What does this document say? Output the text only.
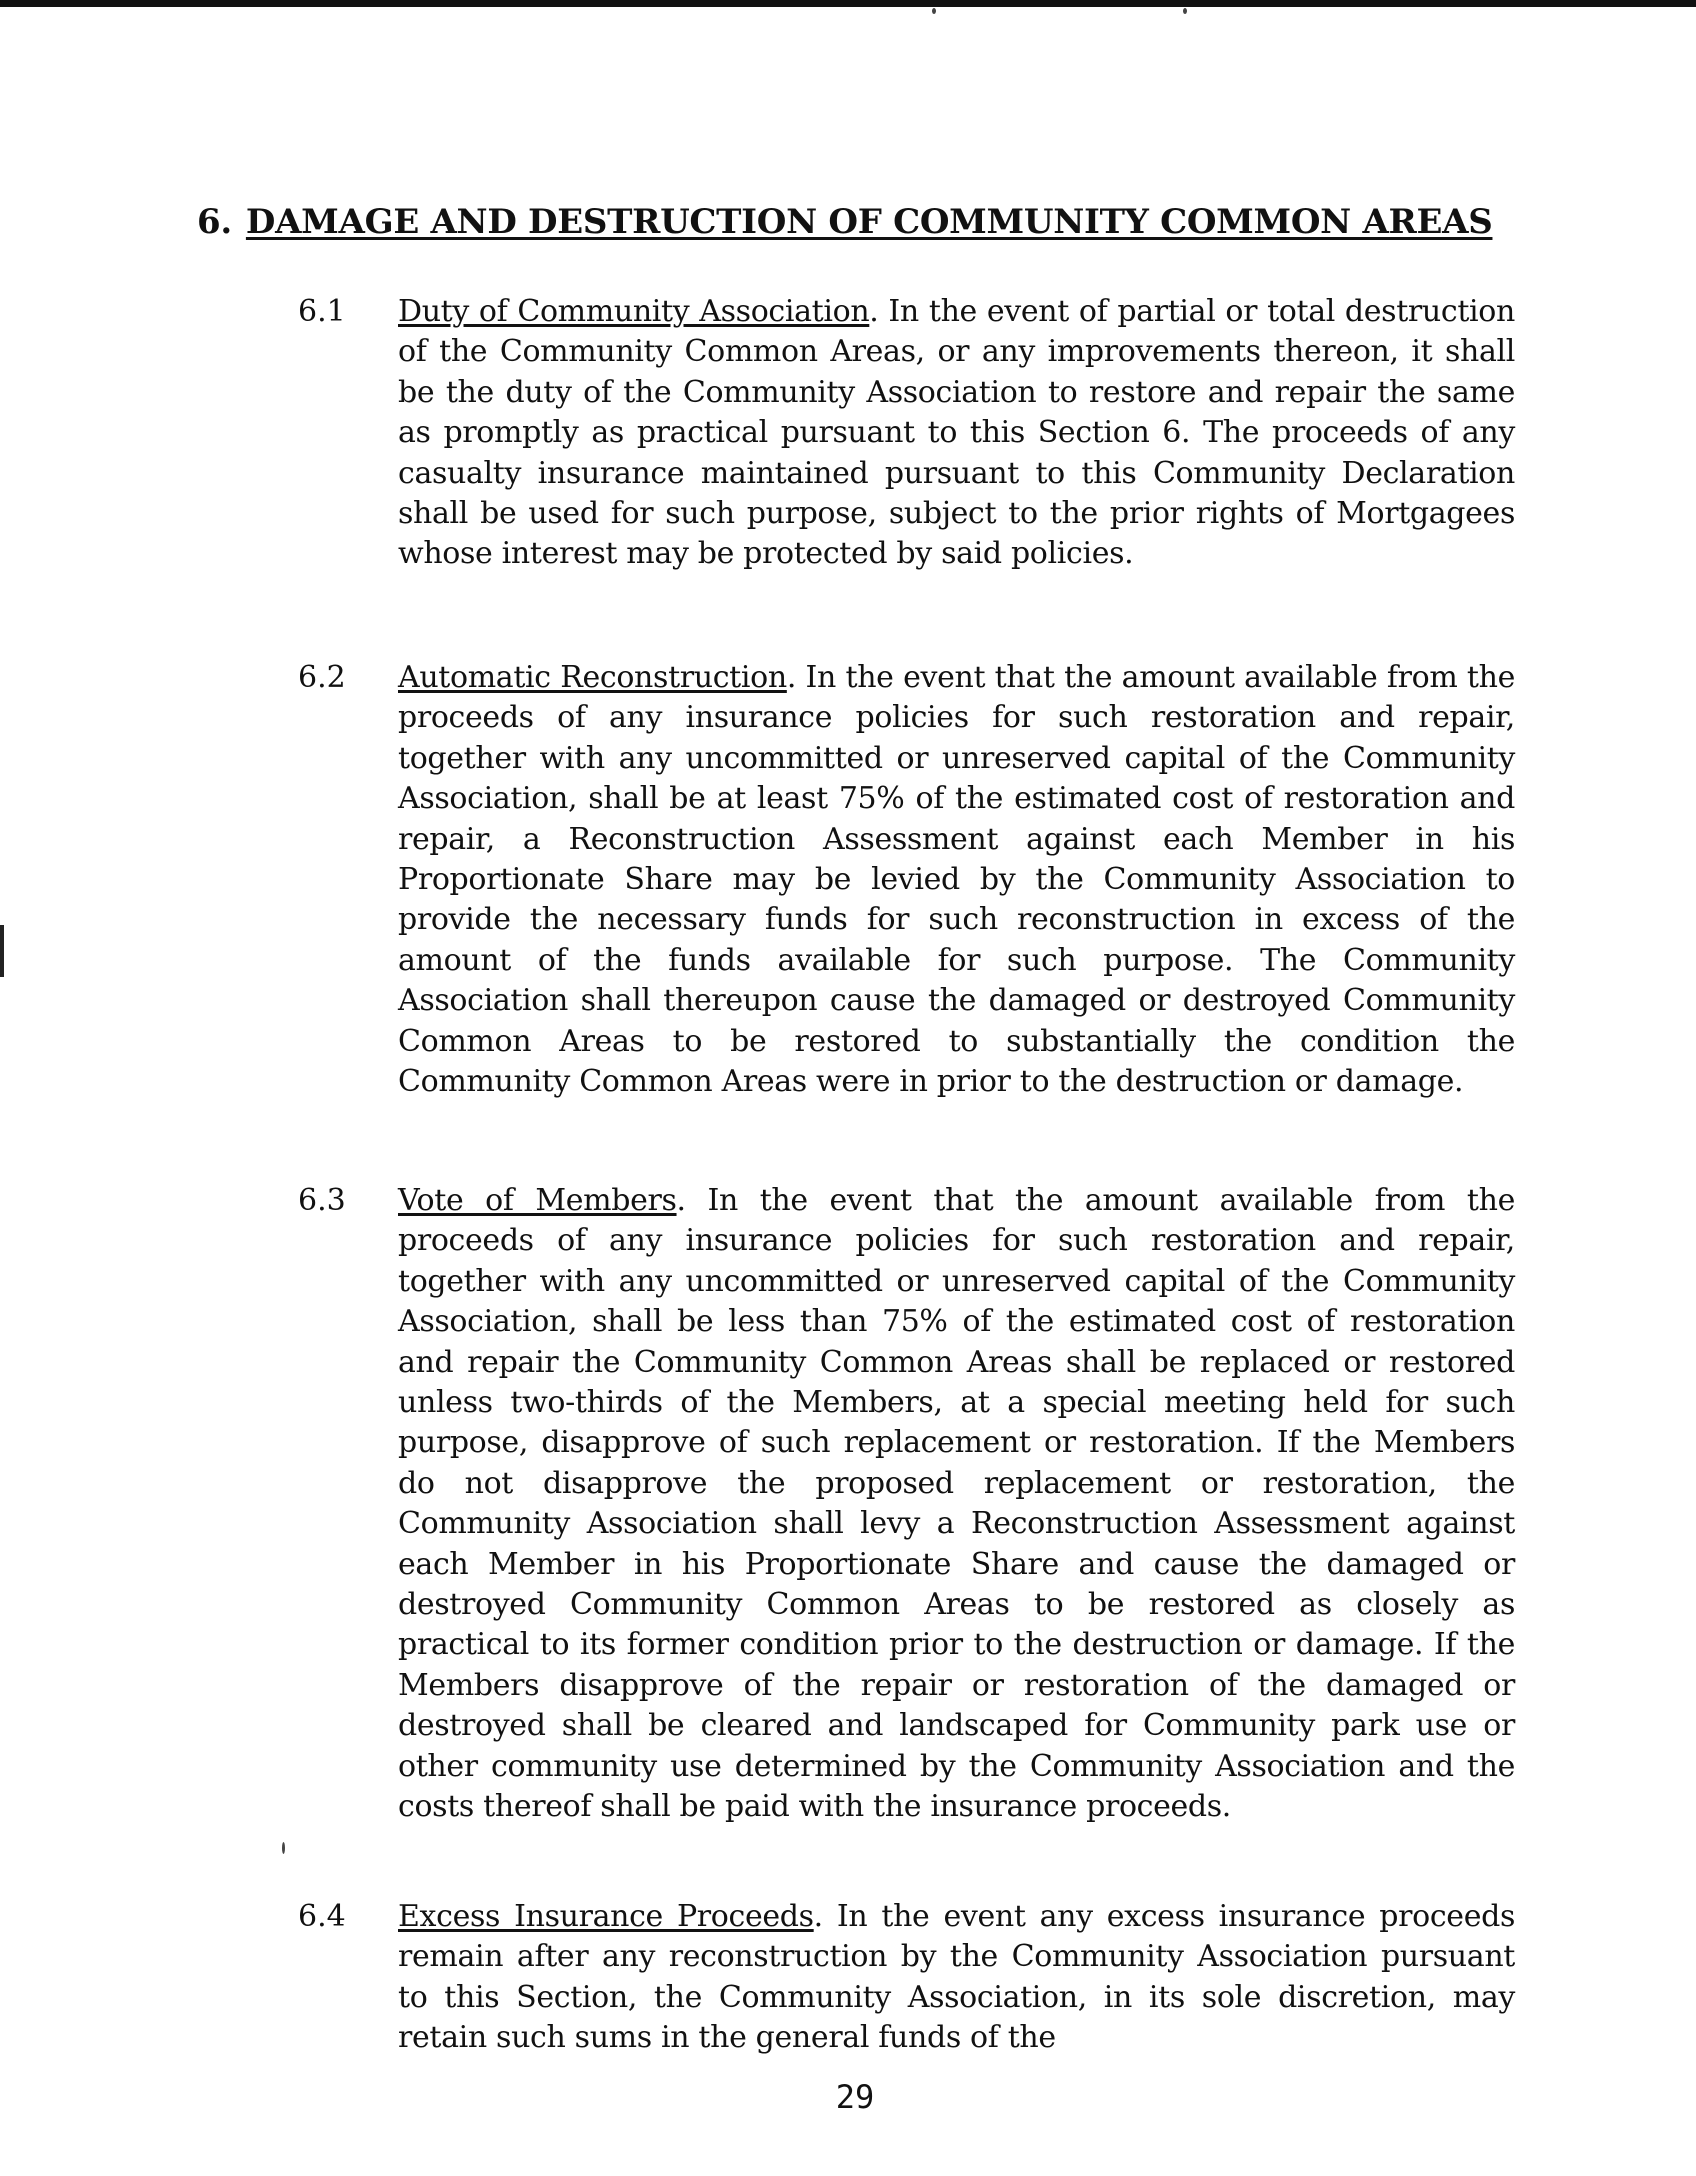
6. DAMAGE AND DESTRUCTION OF COMMUNITY COMMON AREAS
6.1 Duty of Community Association. In the event of partial or total destruction of the Community Common Areas, or any improvements thereon, it shall be the duty of the Community Association to restore and repair the same as promptly as practical pursuant to this Section 6. The proceeds of any casualty insurance maintained pursuant to this Community Declaration shall be used for such purpose, subject to the prior rights of Mortgagees whose interest may be protected by said policies.
6.2 Automatic Reconstruction. In the event that the amount available from the proceeds of any insurance policies for such restoration and repair, together with any uncommitted or unreserved capital of the Community Association, shall be at least 75% of the estimated cost of restoration and repair, a Reconstruction Assessment against each Member in his Proportionate Share may be levied by the Community Association to provide the necessary funds for such reconstruction in excess of the amount of the funds available for such purpose. The Community Association shall thereupon cause the damaged or destroyed Community Common Areas to be restored to substantially the condition the Community Common Areas were in prior to the destruction or damage.
6.3 Vote of Members. In the event that the amount available from the proceeds of any insurance policies for such restoration and repair, together with any uncommitted or unreserved capital of the Community Association, shall be less than 75% of the estimated cost of restoration and repair the Community Common Areas shall be replaced or restored unless two-thirds of the Members, at a special meeting held for such purpose, disapprove of such replacement or restoration. If the Members do not disapprove the proposed replacement or restoration, the Community Association shall levy a Reconstruction Assessment against each Member in his Proportionate Share and cause the damaged or destroyed Community Common Areas to be restored as closely as practical to its former condition prior to the destruction or damage. If the Members disapprove of the repair or restoration of the damaged or destroyed shall be cleared and landscaped for Community park use or other community use determined by the Community Association and the costs thereof shall be paid with the insurance proceeds.
6.4 Excess Insurance Proceeds. In the event any excess insurance proceeds remain after any reconstruction by the Community Association pursuant to this Section, the Community Association, in its sole discretion, may retain such sums in the general funds of the
29
